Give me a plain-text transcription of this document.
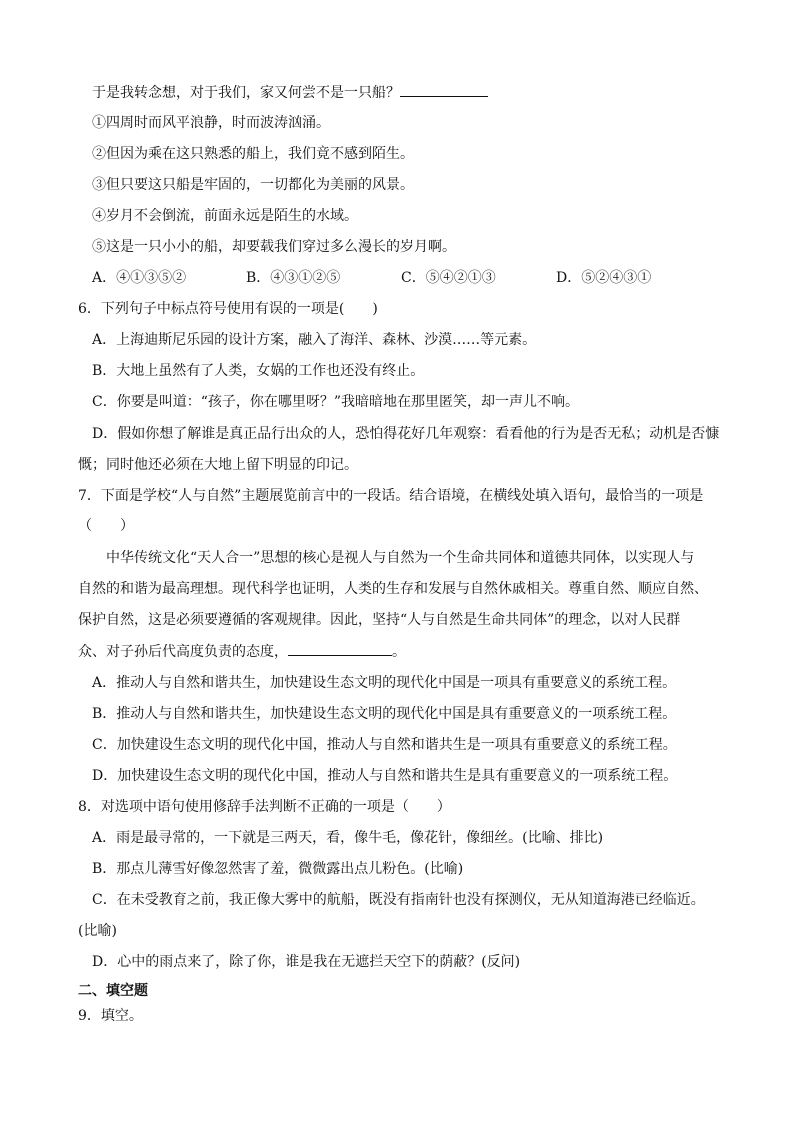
于是我转念想，对于我们，家又何尝不是一只船？
①四周时而风平浪静，时而波涛汹涌。
②但因为乘在这只熟悉的船上，我们竟不感到陌生。
③但只要这只船是牢固的，一切都化为美丽的风景。
④岁月不会倒流，前面永远是陌生的水域。
⑤这是一只小小的船，却要载我们穿过多么漫长的岁月啊。
A．④①③⑤②	B．④③①②⑤	C．⑤④②①③	D．⑤②④③①
6．下列句子中标点符号使用有误的一项是(　　)
A．上海迪斯尼乐园的设计方案，融入了海洋、森林、沙漠……等元素。
B．大地上虽然有了人类，女娲的工作也还没有终止。
C．你要是叫道：“孩子，你在哪里呀？”我暗暗地在那里匿笑，却一声儿不响。
D．假如你想了解谁是真正品行出众的人，恐怕得花好几年观察：看看他的行为是否无私；动机是否慷
慨；同时他还必须在大地上留下明显的印记。
7．下面是学校“人与自然”主题展览前言中的一段话。结合语境，在横线处填入语句，最恰当的一项是
（　　）
中华传统文化“天人合一”思想的核心是视人与自然为一个生命共同体和道德共同体，以实现人与
自然的和谐为最高理想。现代科学也证明，人类的生存和发展与自然休戚相关。尊重自然、顺应自然、
保护自然，这是必须要遵循的客观规律。因此，坚持“人与自然是生命共同体”的理念，以对人民群
众、对子孙后代高度负责的态度，	。
A．推动人与自然和谐共生，加快建设生态文明的现代化中国是一项具有重要意义的系统工程。
B．推动人与自然和谐共生，加快建设生态文明的现代化中国是具有重要意义的一项系统工程。
C．加快建设生态文明的现代化中国，推动人与自然和谐共生是一项具有重要意义的系统工程。
D．加快建设生态文明的现代化中国，推动人与自然和谐共生是具有重要意义的一项系统工程。
8．对选项中语句使用修辞手法判断不正确的一项是（　　）
A．雨是最寻常的，一下就是三两天，看，像牛毛，像花针，像细丝。(比喻、排比)
B．那点儿薄雪好像忽然害了羞，微微露出点儿粉色。(比喻)
C．在未受教育之前，我正像大雾中的航船，既没有指南针也没有探测仪，无从知道海港已经临近。
(比喻)
D．心中的雨点来了，除了你，谁是我在无遮拦天空下的荫蔽？(反问)
二、填空题
9．填空。
